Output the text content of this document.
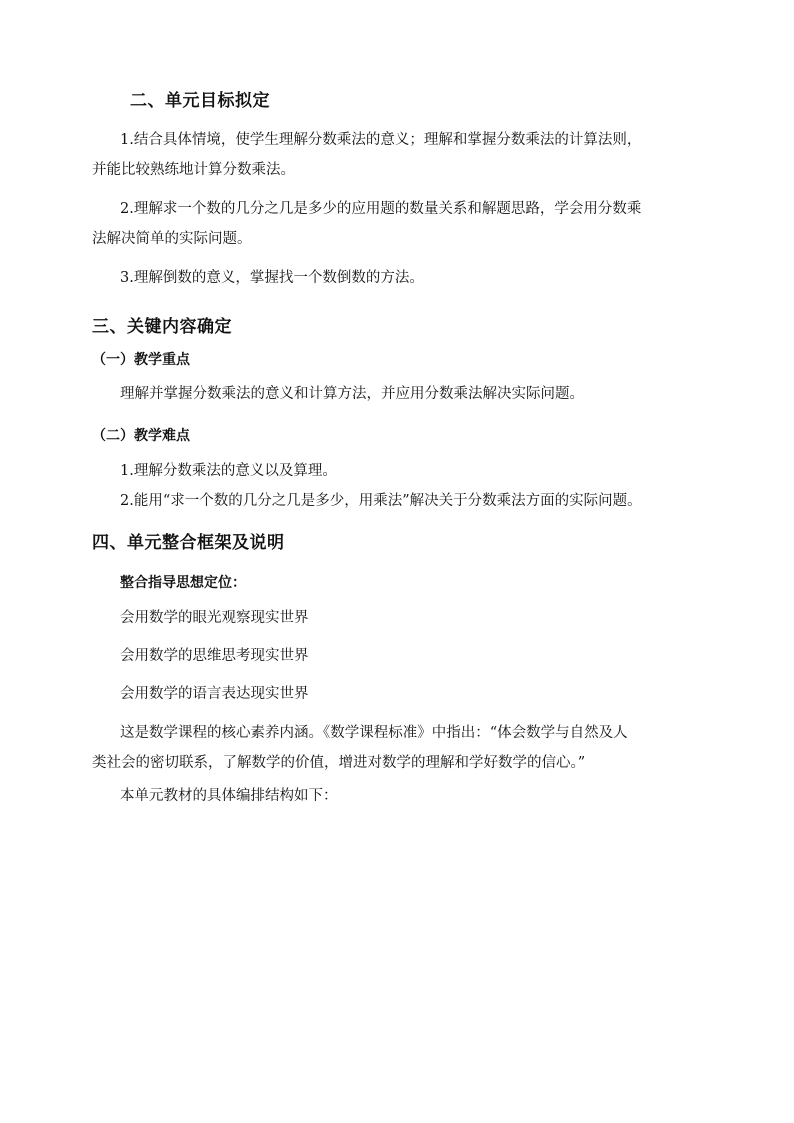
二、单元目标拟定
1.结合具体情境，使学生理解分数乘法的意义；理解和掌握分数乘法的计算法则，
并能比较熟练地计算分数乘法。
2.理解求一个数的几分之几是多少的应用题的数量关系和解题思路，学会用分数乘
法解决简单的实际问题。
3.理解倒数的意义，掌握找一个数倒数的方法。
三、关键内容确定
（一）教学重点
理解并掌握分数乘法的意义和计算方法，并应用分数乘法解决实际问题。
（二）教学难点
1.理解分数乘法的意义以及算理。
2.能用“求一个数的几分之几是多少，用乘法”解决关于分数乘法方面的实际问题。
四、单元整合框架及说明
整合指导思想定位：
会用数学的眼光观察现实世界
会用数学的思维思考现实世界
会用数学的语言表达现实世界
这是数学课程的核心素养内涵。《数学课程标准》中指出：“体会数学与自然及人
类社会的密切联系，了解数学的价值，增进对数学的理解和学好数学的信心。”
本单元教材的具体编排结构如下：
